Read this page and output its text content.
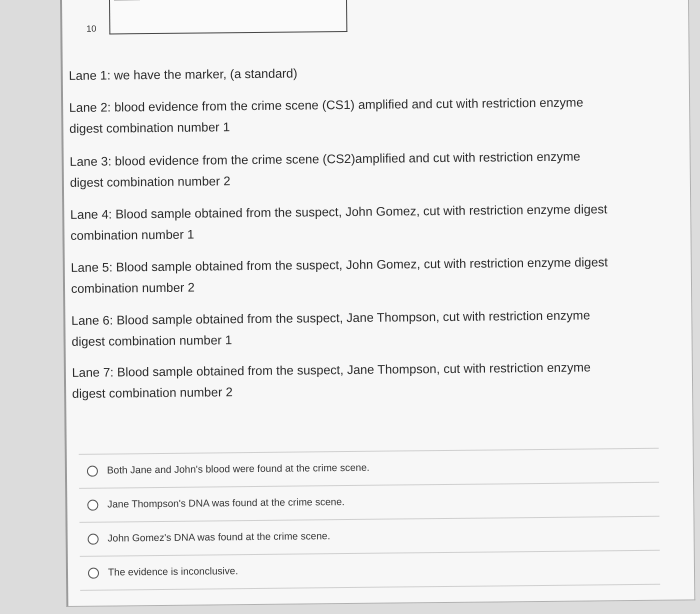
10
Lane 1: we have the marker, (a standard)
Lane 2: blood evidence from the crime scene (CS1) amplified and cut with restriction enzyme
digest combination number 1
Lane 3: blood evidence from the crime scene (CS2)amplified and cut with restriction enzyme
digest combination number 2
Lane 4: Blood sample obtained from the suspect, John Gomez, cut with restriction enzyme digest
combination number 1
Lane 5: Blood sample obtained from the suspect, John Gomez, cut with restriction enzyme digest
combination number 2
Lane 6: Blood sample obtained from the suspect, Jane Thompson, cut with restriction enzyme
digest combination number 1
Lane 7: Blood sample obtained from the suspect, Jane Thompson, cut with restriction enzyme
digest combination number 2
Both Jane and John's blood were found at the crime scene.
Jane Thompson's DNA was found at the crime scene.
John Gomez's DNA was found at the crime scene.
The evidence is inconclusive.
